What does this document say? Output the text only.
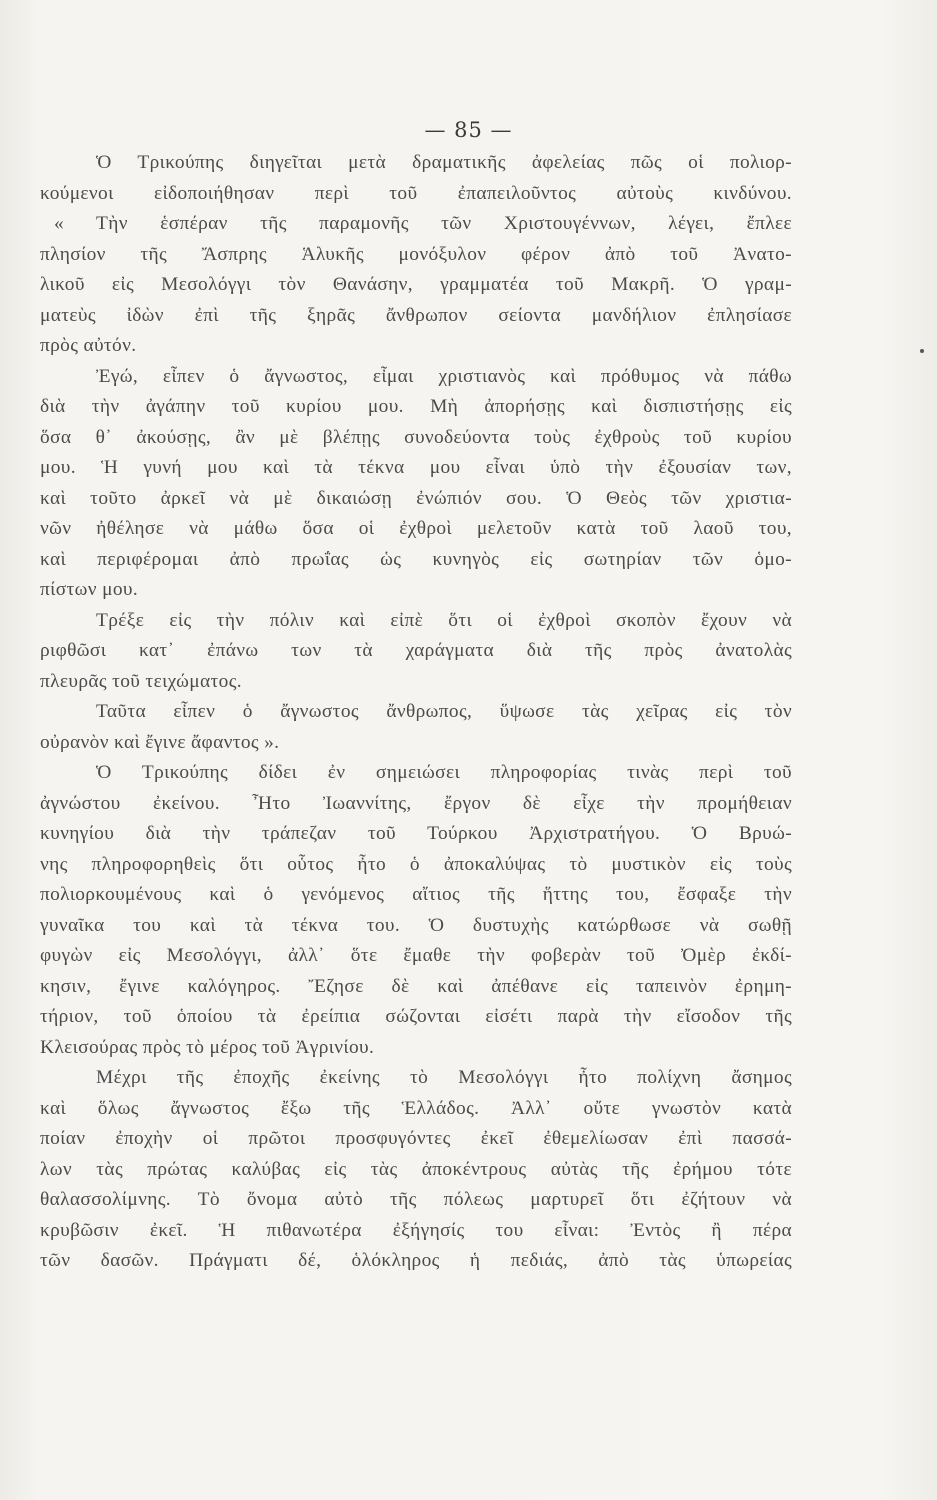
— 85 —
Ὁ Τρικούπης διηγεῖται μετὰ δραματικῆς ἀφελείας πῶς οἱ πολιορ-
κούμενοι εἰδοποιήθησαν περὶ τοῦ ἐπαπειλοῦντος αὐτοὺς κινδύνου.
« Τὴν ἑσπέραν τῆς παραμονῆς τῶν Χριστουγέννων, λέγει, ἔπλεε
πλησίον τῆς Ἄσπρης Ἁλυκῆς μονόξυλον φέρον ἀπὸ τοῦ Ἀνατο-
λικοῦ εἰς Μεσολόγγι τὸν Θανάσην, γραμματέα τοῦ Μακρῆ. Ὁ γραμ-
ματεὺς ἰδὼν ἐπὶ τῆς ξηρᾶς ἄνθρωπον σείοντα μανδήλιον ἐπλησίασε
πρὸς αὐτόν.
Ἐγώ, εἶπεν ὁ ἄγνωστος, εἶμαι χριστιανὸς καὶ πρόθυμος νὰ πάθω
διὰ τὴν ἀγάπην τοῦ κυρίου μου. Μὴ ἀπορήσῃς καὶ δισπιστήσῃς εἰς
ὅσα θ᾽ ἀκούσῃς, ἂν μὲ βλέπῃς συνοδεύοντα τοὺς ἐχθροὺς τοῦ κυρίου
μου. Ἡ γυνή μου καὶ τὰ τέκνα μου εἶναι ὑπὸ τὴν ἐξουσίαν των,
καὶ τοῦτο ἀρκεῖ νὰ μὲ δικαιώσῃ ἐνώπιόν σου. Ὁ Θεὸς τῶν χριστια-
νῶν ἠθέλησε νὰ μάθω ὅσα οἱ ἐχθροὶ μελετοῦν κατὰ τοῦ λαοῦ του,
καὶ περιφέρομαι ἀπὸ πρωΐας ὡς κυνηγὸς εἰς σωτηρίαν τῶν ὁμο-
πίστων μου.
Τρέξε εἰς τὴν πόλιν καὶ εἰπὲ ὅτι οἱ ἐχθροὶ σκοπὸν ἔχουν νὰ
ριφθῶσι κατ᾽ ἐπάνω των τὰ χαράγματα διὰ τῆς πρὸς ἀνατολὰς
πλευρᾶς τοῦ τειχώματος.
Ταῦτα εἶπεν ὁ ἄγνωστος ἄνθρωπος, ὕψωσε τὰς χεῖρας εἰς τὸν
οὐρανὸν καὶ ἔγινε ἄφαντος ».
Ὁ Τρικούπης δίδει ἐν σημειώσει πληροφορίας τινὰς περὶ τοῦ
ἀγνώστου ἐκείνου. Ἦτο Ἰωαννίτης, ἔργον δὲ εἶχε τὴν προμήθειαν
κυνηγίου διὰ τὴν τράπεζαν τοῦ Τούρκου Ἀρχιστρατήγου. Ὁ Βρυώ-
νης πληροφορηθεὶς ὅτι οὗτος ἦτο ὁ ἀποκαλύψας τὸ μυστικὸν εἰς τοὺς
πολιορκουμένους καὶ ὁ γενόμενος αἴτιος τῆς ἥττης του, ἔσφαξε τὴν
γυναῖκα του καὶ τὰ τέκνα του. Ὁ δυστυχὴς κατώρθωσε νὰ σωθῇ
φυγὼν εἰς Μεσολόγγι, ἀλλ᾽ ὅτε ἔμαθε τὴν φοβερὰν τοῦ Ὀμὲρ ἐκδί-
κησιν, ἔγινε καλόγηρος. Ἔζησε δὲ καὶ ἀπέθανε εἰς ταπεινὸν ἐρημη-
τήριον, τοῦ ὁποίου τὰ ἐρείπια σώζονται εἰσέτι παρὰ τὴν εἴσοδον τῆς
Κλεισούρας πρὸς τὸ μέρος τοῦ Ἀγρινίου.
Μέχρι τῆς ἐποχῆς ἐκείνης τὸ Μεσολόγγι ἦτο πολίχνη ἄσημος
καὶ ὅλως ἄγνωστος ἔξω τῆς Ἑλλάδος. Ἀλλ᾽ οὔτε γνωστὸν κατὰ
ποίαν ἐποχὴν οἱ πρῶτοι προσφυγόντες ἐκεῖ ἐθεμελίωσαν ἐπὶ πασσά-
λων τὰς πρώτας καλύβας εἰς τὰς ἀποκέντρους αὐτὰς τῆς ἐρήμου τότε
θαλασσολίμνης. Τὸ ὄνομα αὐτὸ τῆς πόλεως μαρτυρεῖ ὅτι ἐζήτουν νὰ
κρυβῶσιν ἐκεῖ. Ἡ πιθανωτέρα ἐξήγησίς του εἶναι: Ἐντὸς ἢ πέρα
τῶν δασῶν. Πράγματι δέ, ὁλόκληρος ἡ πεδιάς, ἀπὸ τὰς ὑπωρείας
